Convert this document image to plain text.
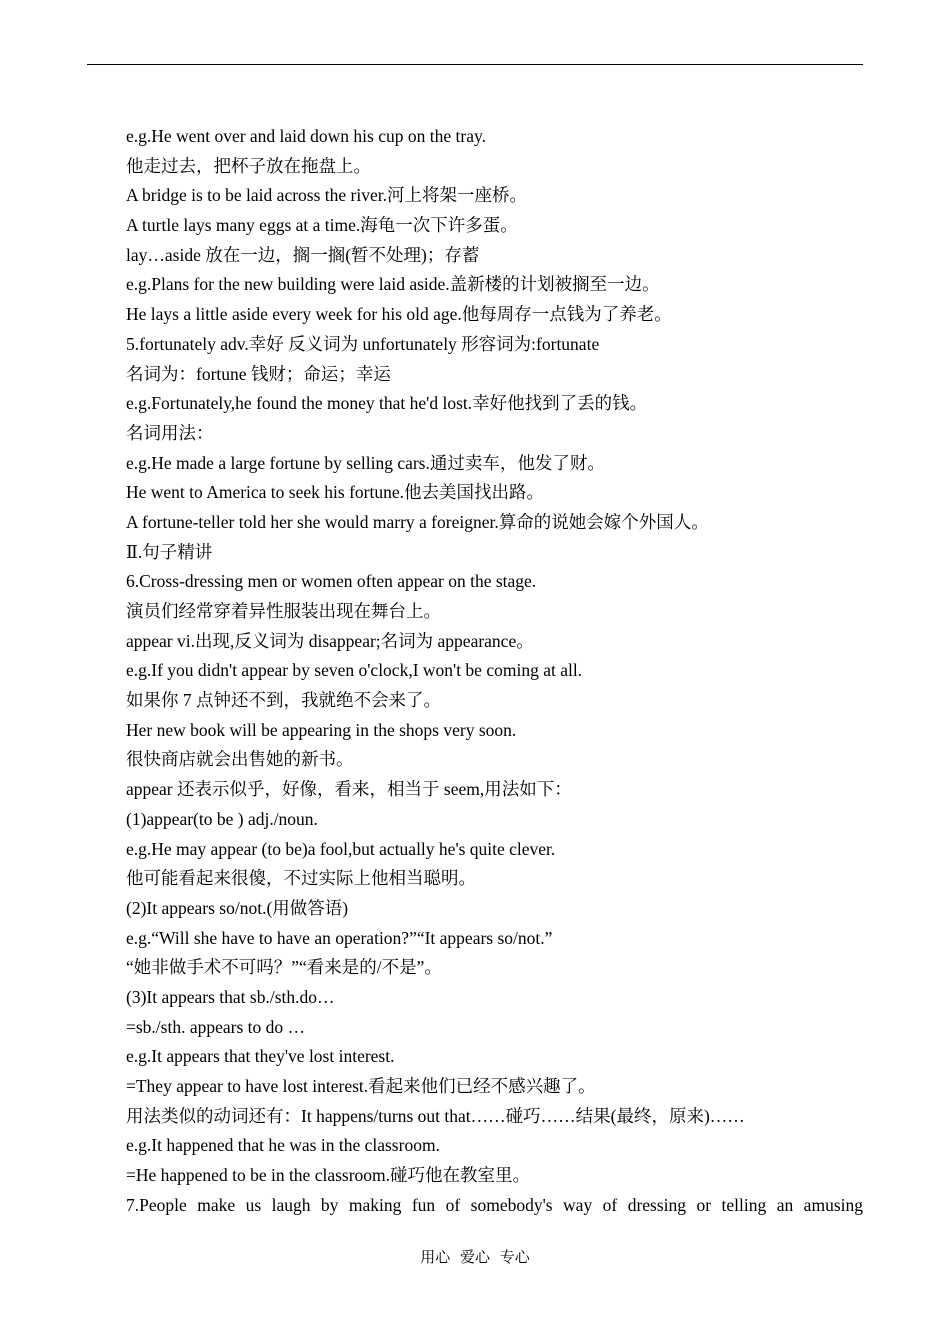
e.g.He went over and laid down his cup on the tray.
他走过去，把杯子放在拖盘上。
A bridge is to be laid across the river.河上将架一座桥。
A turtle lays many eggs at a time.海龟一次下许多蛋。
lay…aside 放在一边，搁一搁(暂不处理)；存蓄
e.g.Plans for the new building were laid aside.盖新楼的计划被搁至一边。
He lays a little aside every week for his old age.他每周存一点钱为了养老。
5.fortunately adv.幸好 反义词为 unfortunately 形容词为:fortunate
名词为：fortune 钱财；命运；幸运
e.g.Fortunately,he found the money that he'd lost.幸好他找到了丢的钱。
名词用法：
e.g.He made a large fortune by selling cars.通过卖车，他发了财。
He went to America to seek his fortune.他去美国找出路。
A fortune-teller told her she would marry a foreigner.算命的说她会嫁个外国人。
Ⅱ.句子精讲
6.Cross-dressing men or women often appear on the stage.
演员们经常穿着异性服装出现在舞台上。
appear vi.出现,反义词为 disappear;名词为 appearance。
e.g.If you didn't appear by seven o'clock,I won't be coming at all.
如果你 7 点钟还不到，我就绝不会来了。
Her new book will be appearing in the shops very soon.
很快商店就会出售她的新书。
appear 还表示似乎，好像，看来，相当于 seem,用法如下：
(1)appear(to be ) adj./noun.
e.g.He may appear (to be)a fool,but actually he's quite clever.
他可能看起来很傻，不过实际上他相当聪明。
(2)It appears so/not.(用做答语)
e.g.“Will she have to have an operation?”“It appears so/not.”
“她非做手术不可吗？”“看来是的/不是”。
(3)It appears that sb./sth.do…
=sb./sth. appears to do …
e.g.It appears that they've lost interest.
=They appear to have lost interest.看起来他们已经不感兴趣了。
用法类似的动词还有：It happens/turns out that……碰巧……结果(最终，原来)……
e.g.It happened that he was in the classroom.
=He happened to be in the classroom.碰巧他在教室里。
7.People make us laugh by making fun of somebody's way of dressing or telling an amusing
用心 爱心 专心
